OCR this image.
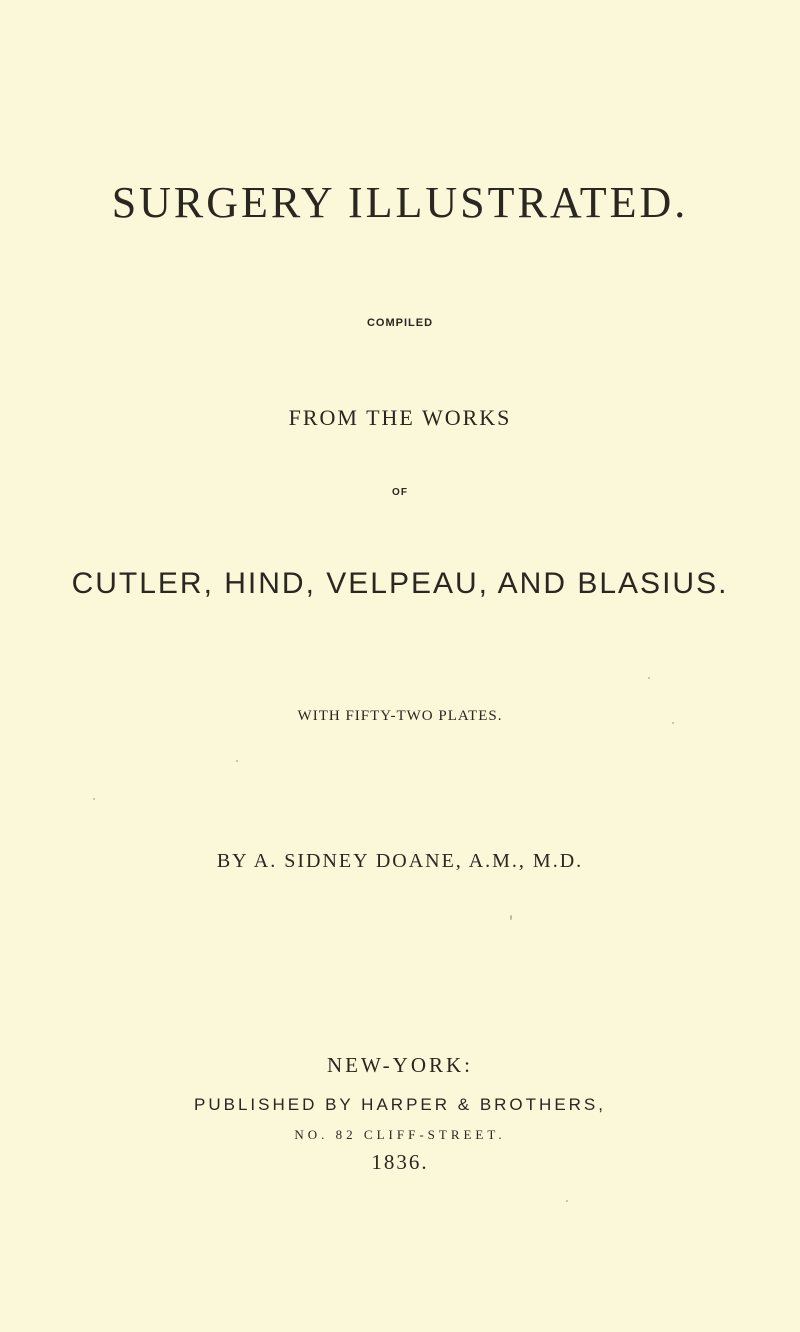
SURGERY ILLUSTRATED.
COMPILED
FROM THE WORKS
OF
CUTLER, HIND, VELPEAU, AND BLASIUS.
WITH FIFTY-TWO PLATES.
BY A. SIDNEY DOANE, A.M., M.D.
NEW-YORK:
PUBLISHED BY HARPER & BROTHERS,
NO. 82 CLIFF-STREET.
1836.
